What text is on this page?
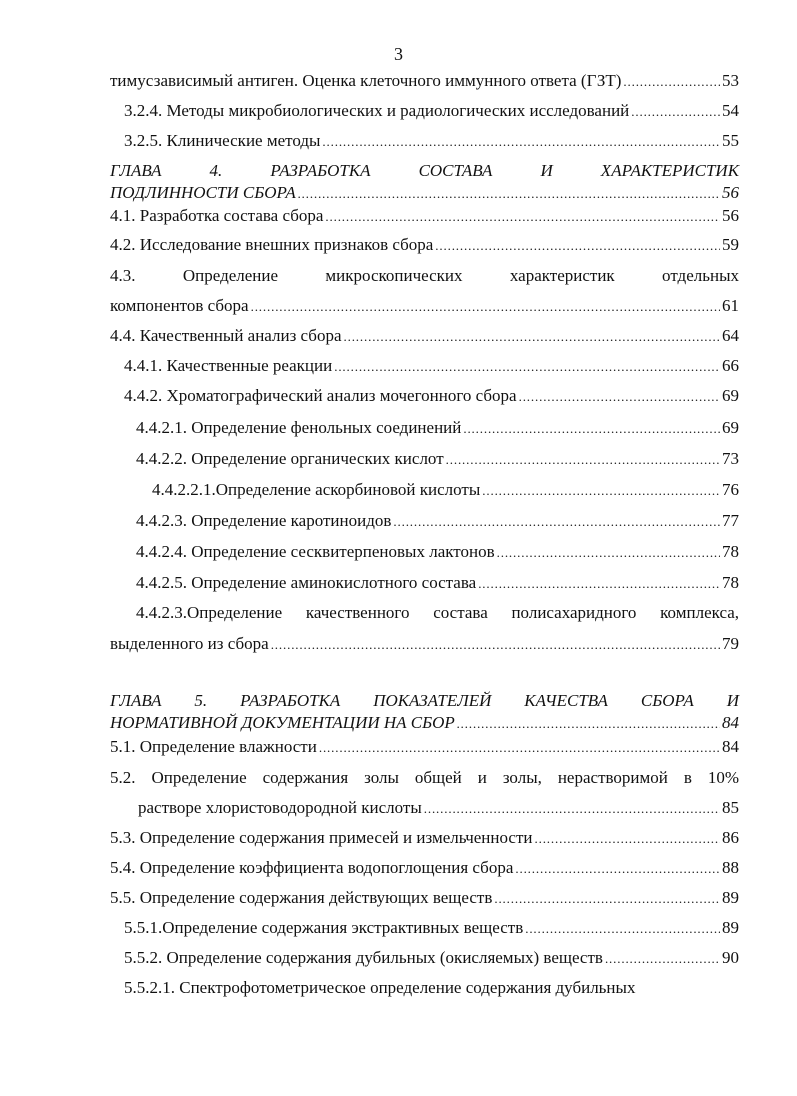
3
тимусзависимый антиген. Оценка клеточного иммунного ответа (ГЗТ) . . .	53
3.2.4. Методы микробиологических и радиологических исследований . . .	54
3.2.5. Клинические методы . . .	55
ГЛАВА 4. РАЗРАБОТКА СОСТАВА И ХАРАКТЕРИСТИК
ПОДЛИННОСТИ СБОРА . . .	56
4.1. Разработка состава сбора . . .	56
4.2. Исследование внешних признаков сбора . . .	59
4.3. Определение микроскопических характеристик отдельных
компонентов сбора . . .	61
4.4. Качественный анализ сбора . . .	64
4.4.1. Качественные реакции . . .	66
4.4.2. Хроматографический анализ мочегонного сбора . . .	69
4.4.2.1. Определение фенольных соединений . . .	69
4.4.2.2. Определение органических кислот . . .	73
4.4.2.2.1.Определение аскорбиновой кислоты . . .	76
4.4.2.3. Определение каротиноидов . . .	77
4.4.2.4. Определение сесквитерпеновых лактонов . . .	78
4.4.2.5. Определение аминокислотного состава . . .	78
4.4.2.3.Определение качественного состава полисахаридного комплекса,
выделенного из сбора . . .	79
ГЛАВА 5. РАЗРАБОТКА ПОКАЗАТЕЛЕЙ КАЧЕСТВА СБОРА И
НОРМАТИВНОЙ ДОКУМЕНТАЦИИ НА СБОР . . .	84
5.1. Определение влажности . . .	84
5.2. Определение содержания золы общей и золы, нерастворимой в 10%
растворе хлористоводородной кислоты . . .	85
5.3. Определение содержания примесей и измельченности . . .	86
5.4. Определение коэффициента водопоглощения сбора . . .	88
5.5. Определение содержания действующих веществ . . .	89
5.5.1.Определение содержания экстрактивных веществ . . .	89
5.5.2. Определение содержания дубильных (окисляемых) веществ . . .	90
5.5.2.1. Спектрофотометрическое определение содержания дубильных
